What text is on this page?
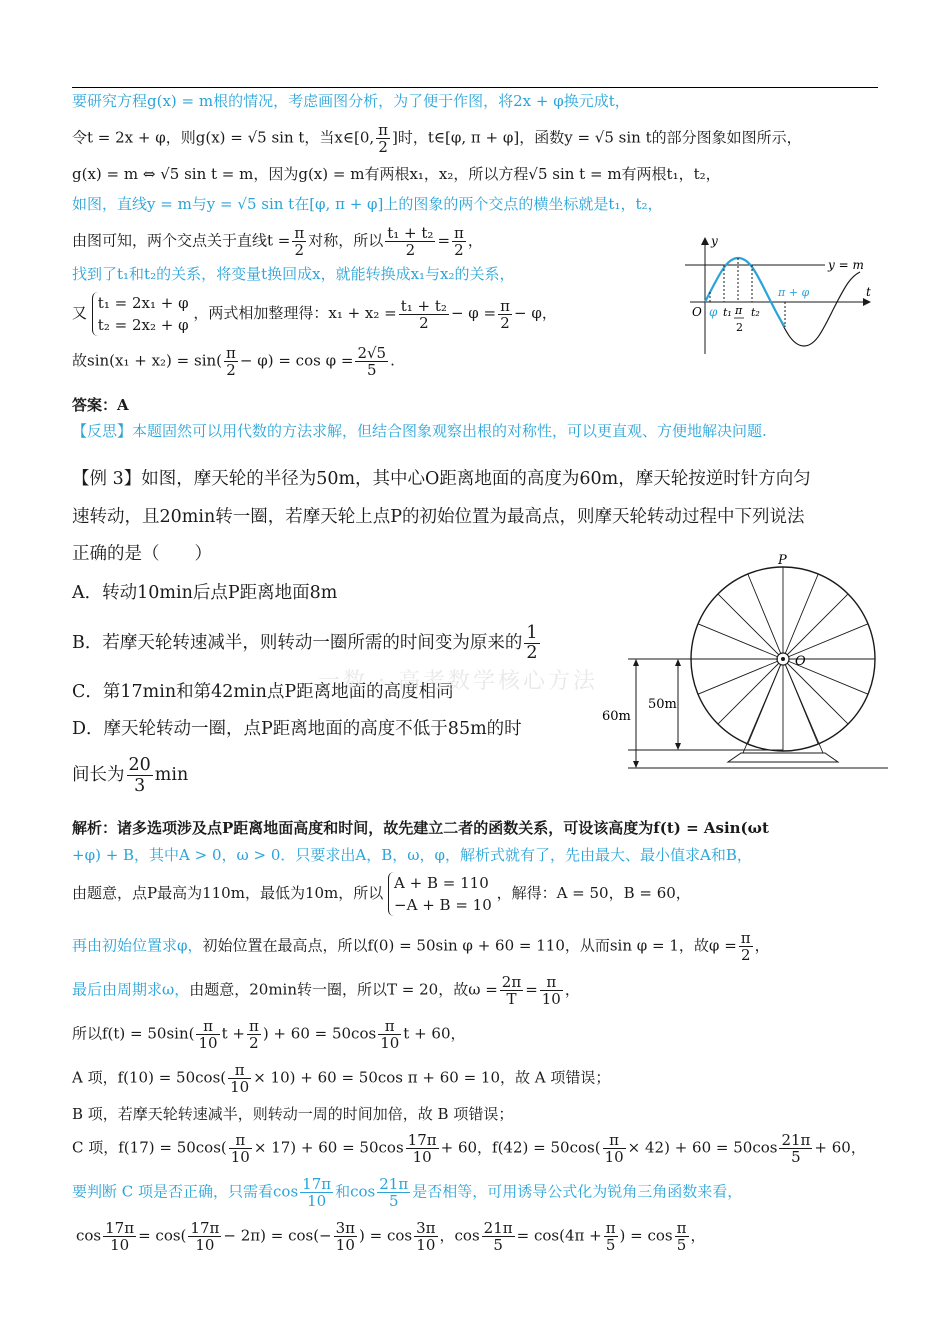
要研究方程g(x) = m根的情况，考虑画图分析，为了便于作图，将2x + φ换元成t，
令t = 2x + φ，则g(x) = √5 sin t，当x∈[0, $\frac{\pi}{2}$ ]时，t∈[φ, π + φ]，函数y = √5 sin t的部分图象如图所示，
g(x) = m ⇔ √5 sin t = m，因为g(x) = m有两根x₁，x₂，所以方程√5 sin t = m有两根t₁，t₂，
如图，直线y = m与y = √5 sin t在[φ, π + φ]上的图象的两个交点的横坐标就是t₁，t₂，
由图可知，两个交点关于直线$t = \frac{\pi}{2}$ 对称，所以 $\frac{\text{t₁ + t₂}}{2} = \frac{\pi}{2}$ ，
找到了t₁和t₂的关系，将变量t换回成x，就能转换成x₁与x₂的关系，
又
t₁ = 2x₁ + φ
t₂ = 2x₂ + φ
，两式相加整理得：$x_1 + x_2 = \frac{\text{t₁ + t₂}}{2} - \varphi = \frac{\pi}{2} - \varphi$，
故$\sin(x_1 + x_2) = \sin( \frac{\pi}{2} - \varphi) = \cos \varphi = \frac{2√5}{5}$ .
答案：A
【反思】本题固然可以用代数的方法求解，但结合图象观察出根的对称性，可以更直观、方便地解决问题.
y
t
y = m
O φ t₁ π
2
t₂
π + φ
【例 3】如图，摩天轮的半径为50m，其中心O距离地面的高度为60m，摩天轮按逆时针方向匀
速转动，且20min转一圈，若摩天轮上点P的初始位置为最高点，则摩天轮转动过程中下列说法
正确的是（　　）
A．转动10min后点P距离地面8m
B．若摩天轮转速减半，则转动一圈所需的时间变为原来的 $\frac{1}{2}$
C．第17min和第42min点P距离地面的高度相同
D．摩天轮转动一圈，点P距离地面的高度不低于85m的时
间长为 $\frac{20}{3}$ min
一数 · 高考数学核心方法
P
O
60m
50m
解析：诸多选项涉及点P距离地面高度和时间，故先建立二者的函数关系，可设该高度为f(t) = Asin(ωt
+φ) + B，其中A > 0，ω > 0．只要求出A，B，ω，φ，解析式就有了，先由最大、最小值求A和B，
由题意，点P最高为110m，最低为10m，所以
A + B = 110
−A + B = 10
，解得：A = 50，B = 60，
再由初始位置求φ，初始位置在最高点，所以f(0) = 50sin φ + 60 = 110，从而sin φ = 1，故$\varphi = \frac{\pi}{2}$ ，
最后由周期求ω，由题意，20min转一圈，所以T = 20，故$\omega = \frac{2\pi}{T} = \frac{\pi}{10}$ ，
所以$f(t) = 50\sin( \frac{\pi}{10}$ $t + \frac{\pi}{2}$ ) + $60 = 50\cos \frac{\pi}{10}$ t + 60，
A 项，$f(10) = 50\cos( \frac{\pi}{10} \times 10) + 60 = 50\cos$ π + 60 = 10，故 A 项错误；
B 项，若摩天轮转速减半，则转动一周的时间加倍，故 B 项错误；
C 项，$f(17) = 50\cos( \frac{\pi}{10} \times 17) + 60 = 50\cos \frac{17\pi}{10} + 60$，$f(42) = 50\cos( \frac{\pi}{10} \times 42) + 60 = 50\cos \frac{21\pi}{5} + 60$，
要判断 C 项是否正确，只需看$\cos \frac{17\pi}{10}$ 和$\cos \frac{21\pi}{5}$ 是否相等，可用诱导公式化为锐角三角函数来看，
$\cos \frac{17\pi}{10} = \cos( \frac{17\pi}{10} - 2\pi) = \cos(- \frac{3\pi}{10}$ ) = $\cos \frac{3\pi}{10}$ ，$\cos \frac{21\pi}{5} = \cos(4\pi + \frac{\pi}{5}$ ) = $\cos \frac{\pi}{5}$ ，
